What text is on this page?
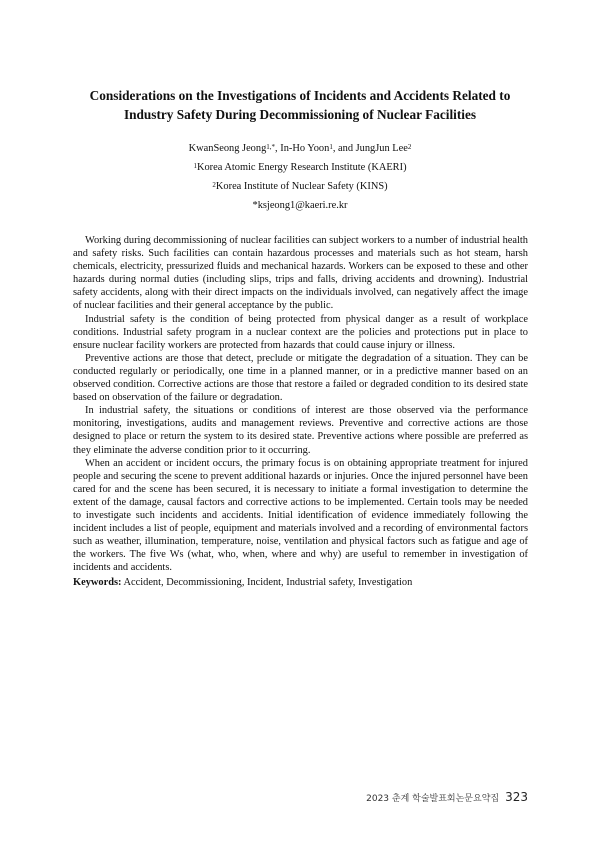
Considerations on the Investigations of Incidents and Accidents Related to
Industry Safety During Decommissioning of Nuclear Facilities
KwanSeong Jeong$^{1,*}$, In-Ho Yoon$^1$, and JungJun Lee$^2$
$^1$Korea Atomic Energy Research Institute (KAERI)
$^2$Korea Institute of Nuclear Safety (KINS)
*ksjeong1@kaeri.re.kr

Working during decommissioning of nuclear facilities can subject workers to a number of industrial health and safety risks. Such facilities can contain hazardous processes and materials such as hot steam, harsh chemicals, electricity, pressurized fluids and mechanical hazards. Workers can be exposed to these and other hazards during normal duties (including slips, trips and falls, driving accidents and drowning). Industrial safety accidents, along with their direct impacts on the individuals involved, can negatively affect the image of nuclear facilities and their general acceptance by the public.

Industrial safety is the condition of being protected from physical danger as a result of workplace conditions. Industrial safety program in a nuclear context are the policies and protections put in place to ensure nuclear facility workers are protected from hazards that could cause injury or illness.

Preventive actions are those that detect, preclude or mitigate the degradation of a situation. They can be conducted regularly or periodically, one time in a planned manner, or in a predictive manner based on an observed condition. Corrective actions are those that restore a failed or degraded condition to its desired state based on observation of the failure or degradation.

In industrial safety, the situations or conditions of interest are those observed via the performance monitoring, investigations, audits and management reviews. Preventive and corrective actions are those designed to place or return the system to its desired state. Preventive actions where possible are preferred as they eliminate the adverse condition prior to it occurring.

When an accident or incident occurs, the primary focus is on obtaining appropriate treatment for injured people and securing the scene to prevent additional hazards or injuries. Once the injured personnel have been cared for and the scene has been secured, it is necessary to initiate a formal investigation to determine the extent of the damage, causal factors and corrective actions to be implemented. Certain tools may be needed to investigate such incidents and accidents. Initial identification of evidence immediately following the incident includes a list of people, equipment and materials involved and a recording of environmental factors such as weather, illumination, temperature, noise, ventilation and physical factors such as fatigue and age of the workers. The five Ws (what, who, when, where and why) are useful to remember in investigation of incidents and accidents.

Keywords: Accident, Decommissioning, Incident, Industrial safety, Investigation
2023 춘계 학술발표회논문요약집 323
